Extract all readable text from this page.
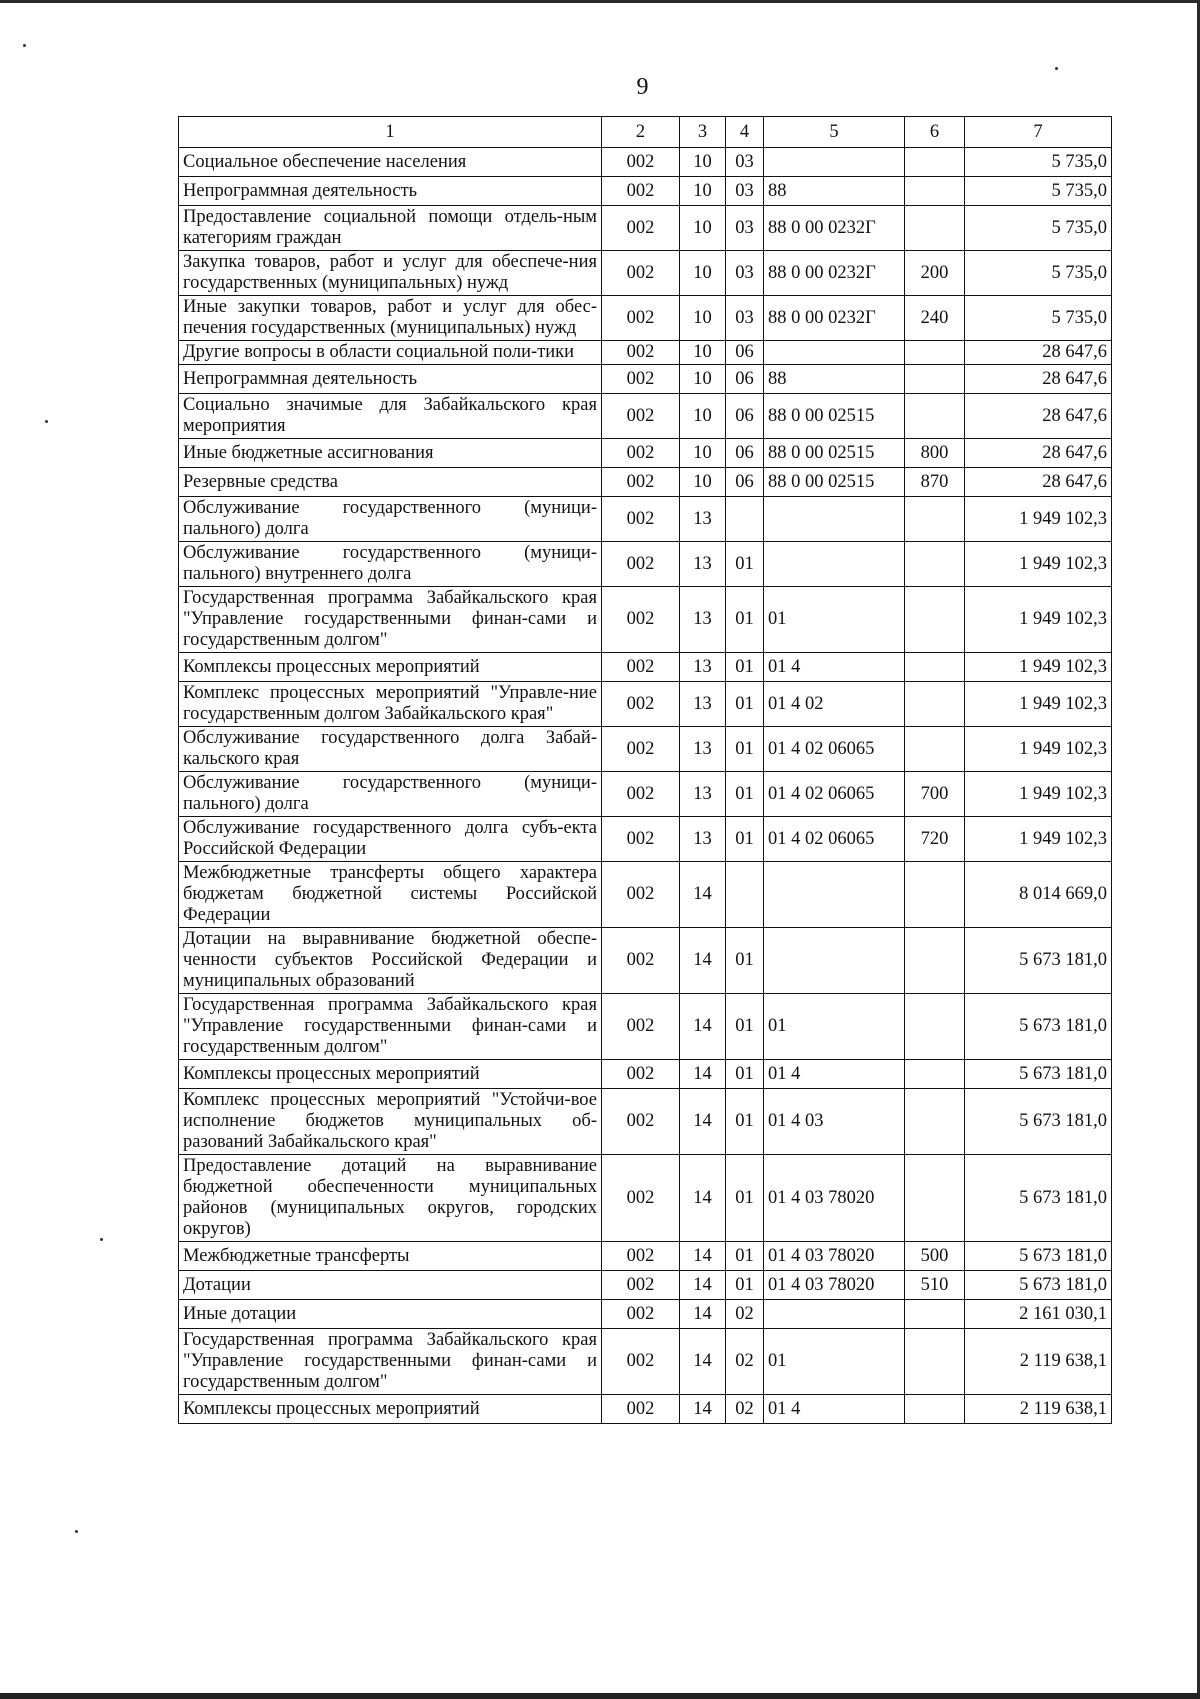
9
1	2	3	4	5	6	7
Социальное обеспечение населения	002	10	03			5 735,0
Непрограммная деятельность	002	10	03	88		5 735,0
Предоставление социальной помощи отдель-ным категориям граждан	002	10	03	88 0 00 0232Г		5 735,0
Закупка товаров, работ и услуг для обеспече-ния государственных (муниципальных) нужд	002	10	03	88 0 00 0232Г	200	5 735,0
Иные закупки товаров, работ и услуг для обес-печения государственных (муниципальных) нужд	002	10	03	88 0 00 0232Г	240	5 735,0
Другие вопросы в области социальной поли-тики	002	10	06			28 647,6
Непрограммная деятельность	002	10	06	88		28 647,6
Социально значимые для Забайкальского края мероприятия	002	10	06	88 0 00 02515		28 647,6
Иные бюджетные ассигнования	002	10	06	88 0 00 02515	800	28 647,6
Резервные средства	002	10	06	88 0 00 02515	870	28 647,6
Обслуживание государственного (муници-пального) долга	002	13				1 949 102,3
Обслуживание государственного (муници-пального) внутреннего долга	002	13	01			1 949 102,3
Государственная программа Забайкальского края "Управление государственными финан-сами и государственным долгом"	002	13	01	01		1 949 102,3
Комплексы процессных мероприятий	002	13	01	01 4		1 949 102,3
Комплекс процессных мероприятий "Управле-ние государственным долгом Забайкальского края"	002	13	01	01 4 02		1 949 102,3
Обслуживание государственного долга Забай-кальского края	002	13	01	01 4 02 06065		1 949 102,3
Обслуживание государственного (муници-пального) долга	002	13	01	01 4 02 06065	700	1 949 102,3
Обслуживание государственного долга субъ-екта Российской Федерации	002	13	01	01 4 02 06065	720	1 949 102,3
Межбюджетные трансферты общего характера бюджетам бюджетной системы Российской Федерации	002	14				8 014 669,0
Дотации на выравнивание бюджетной обеспе-ченности субъектов Российской Федерации и муниципальных образований	002	14	01			5 673 181,0
Государственная программа Забайкальского края "Управление государственными финан-сами и государственным долгом"	002	14	01	01		5 673 181,0
Комплексы процессных мероприятий	002	14	01	01 4		5 673 181,0
Комплекс процессных мероприятий "Устойчи-вое исполнение бюджетов муниципальных об-разований Забайкальского края"	002	14	01	01 4 03		5 673 181,0
Предоставление дотаций на выравнивание бюджетной обеспеченности муниципальных районов (муниципальных округов, городских округов)	002	14	01	01 4 03 78020		5 673 181,0
Межбюджетные трансферты	002	14	01	01 4 03 78020	500	5 673 181,0
Дотации	002	14	01	01 4 03 78020	510	5 673 181,0
Иные дотации	002	14	02			2 161 030,1
Государственная программа Забайкальского края "Управление государственными финан-сами и государственным долгом"	002	14	02	01		2 119 638,1
Комплексы процессных мероприятий	002	14	02	01 4		2 119 638,1
